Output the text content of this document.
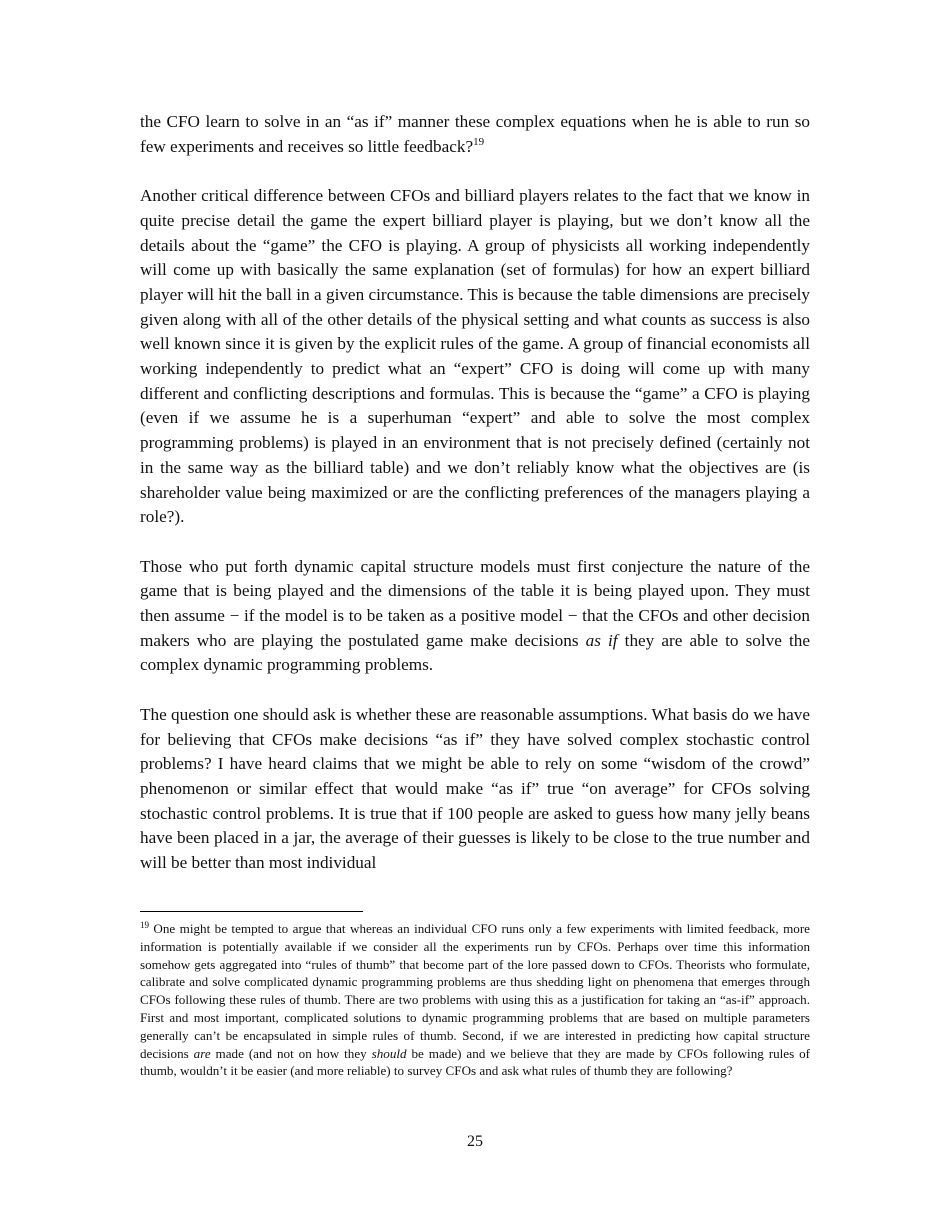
the CFO learn to solve in an “as if” manner these complex equations when he is able to run so few experiments and receives so little feedback?$^{19}$

Another critical difference between CFOs and billiard players relates to the fact that we know in quite precise detail the game the expert billiard player is playing, but we don’t know all the details about the “game” the CFO is playing. A group of physicists all working independently will come up with basically the same explanation (set of formulas) for how an expert billiard player will hit the ball in a given circumstance. This is because the table dimensions are precisely given along with all of the other details of the physical setting and what counts as success is also well known since it is given by the explicit rules of the game. A group of financial economists all working independently to predict what an “expert” CFO is doing will come up with many different and conflicting descriptions and formulas. This is because the “game” a CFO is playing (even if we assume he is a superhuman “expert” and able to solve the most complex programming problems) is played in an environment that is not precisely defined (certainly not in the same way as the billiard table) and we don’t reliably know what the objectives are (is shareholder value being maximized or are the conflicting preferences of the managers playing a role?).

Those who put forth dynamic capital structure models must first conjecture the nature of the game that is being played and the dimensions of the table it is being played upon. They must then assume − if the model is to be taken as a positive model − that the CFOs and other decision makers who are playing the postulated game make decisions as if they are able to solve the complex dynamic programming problems.

The question one should ask is whether these are reasonable assumptions. What basis do we have for believing that CFOs make decisions “as if” they have solved complex stochastic control problems? I have heard claims that we might be able to rely on some “wisdom of the crowd” phenomenon or similar effect that would make “as if” true “on average” for CFOs solving stochastic control problems. It is true that if 100 people are asked to guess how many jelly beans have been placed in a jar, the average of their guesses is likely to be close to the true number and will be better than most individual

$^{19}$ One might be tempted to argue that whereas an individual CFO runs only a few experiments with limited feedback, more information is potentially available if we consider all the experiments run by CFOs. Perhaps over time this information somehow gets aggregated into “rules of thumb” that become part of the lore passed down to CFOs. Theorists who formulate, calibrate and solve complicated dynamic programming problems are thus shedding light on phenomena that emerges through CFOs following these rules of thumb. There are two problems with using this as a justification for taking an “as-if” approach. First and most important, complicated solutions to dynamic programming problems that are based on multiple parameters generally can’t be encapsulated in simple rules of thumb. Second, if we are interested in predicting how capital structure decisions are made (and not on how they should be made) and we believe that they are made by CFOs following rules of thumb, wouldn’t it be easier (and more reliable) to survey CFOs and ask what rules of thumb they are following?

25
